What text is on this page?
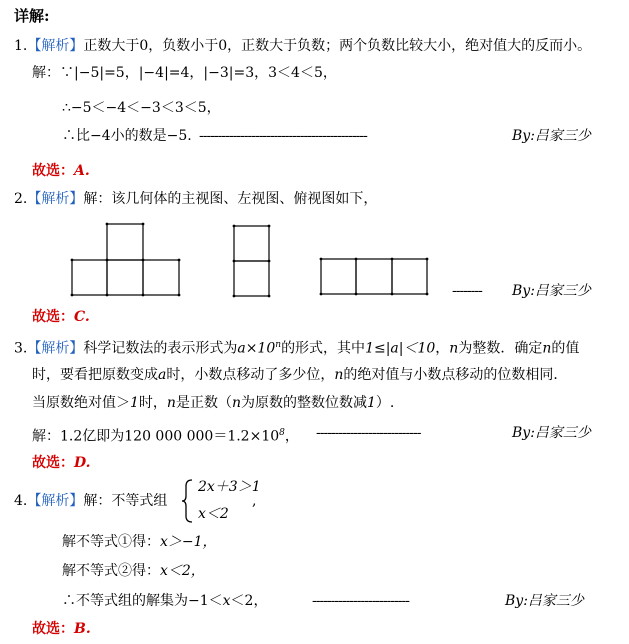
详解:
1.【解析】正数大于0，负数小于0，正数大于负数；两个负数比较大小，绝对值大的反而小。
解：∵|−5|=5，|−4|=4，|−3|=3，3＜4＜5，
∴−5＜−4＜−3＜3＜5，
∴比−4小的数是−5. ---------------------------------------------	By:吕家三少
故选：A.
2.【解析】解：该几何体的主视图、左视图、俯视图如下，
-------- By:吕家三少
故选：C.
3.【解析】科学记数法的表示形式为$a\times 10^n$的形式，其中1≤|a|＜10，n为整数．确定n的值
时，要看把原数变成a时，小数点移动了多少位，n的绝对值与小数点移动的位数相同．
当原数绝对值＞1时，n是正数（n为原数的整数位数减1）.
解：1.2亿即为120 000 $000=1.2\times 10^8$， ----------------------------	By:吕家三少
故选：D.
4.【解析】解：不等式组
2x＋3＞1
,
x＜2
解不等式①得：x＞−1，
解不等式②得：x＜2，
∴不等式组的解集为−1＜x＜2，	--------------------------	By:吕家三少
故选：B.
